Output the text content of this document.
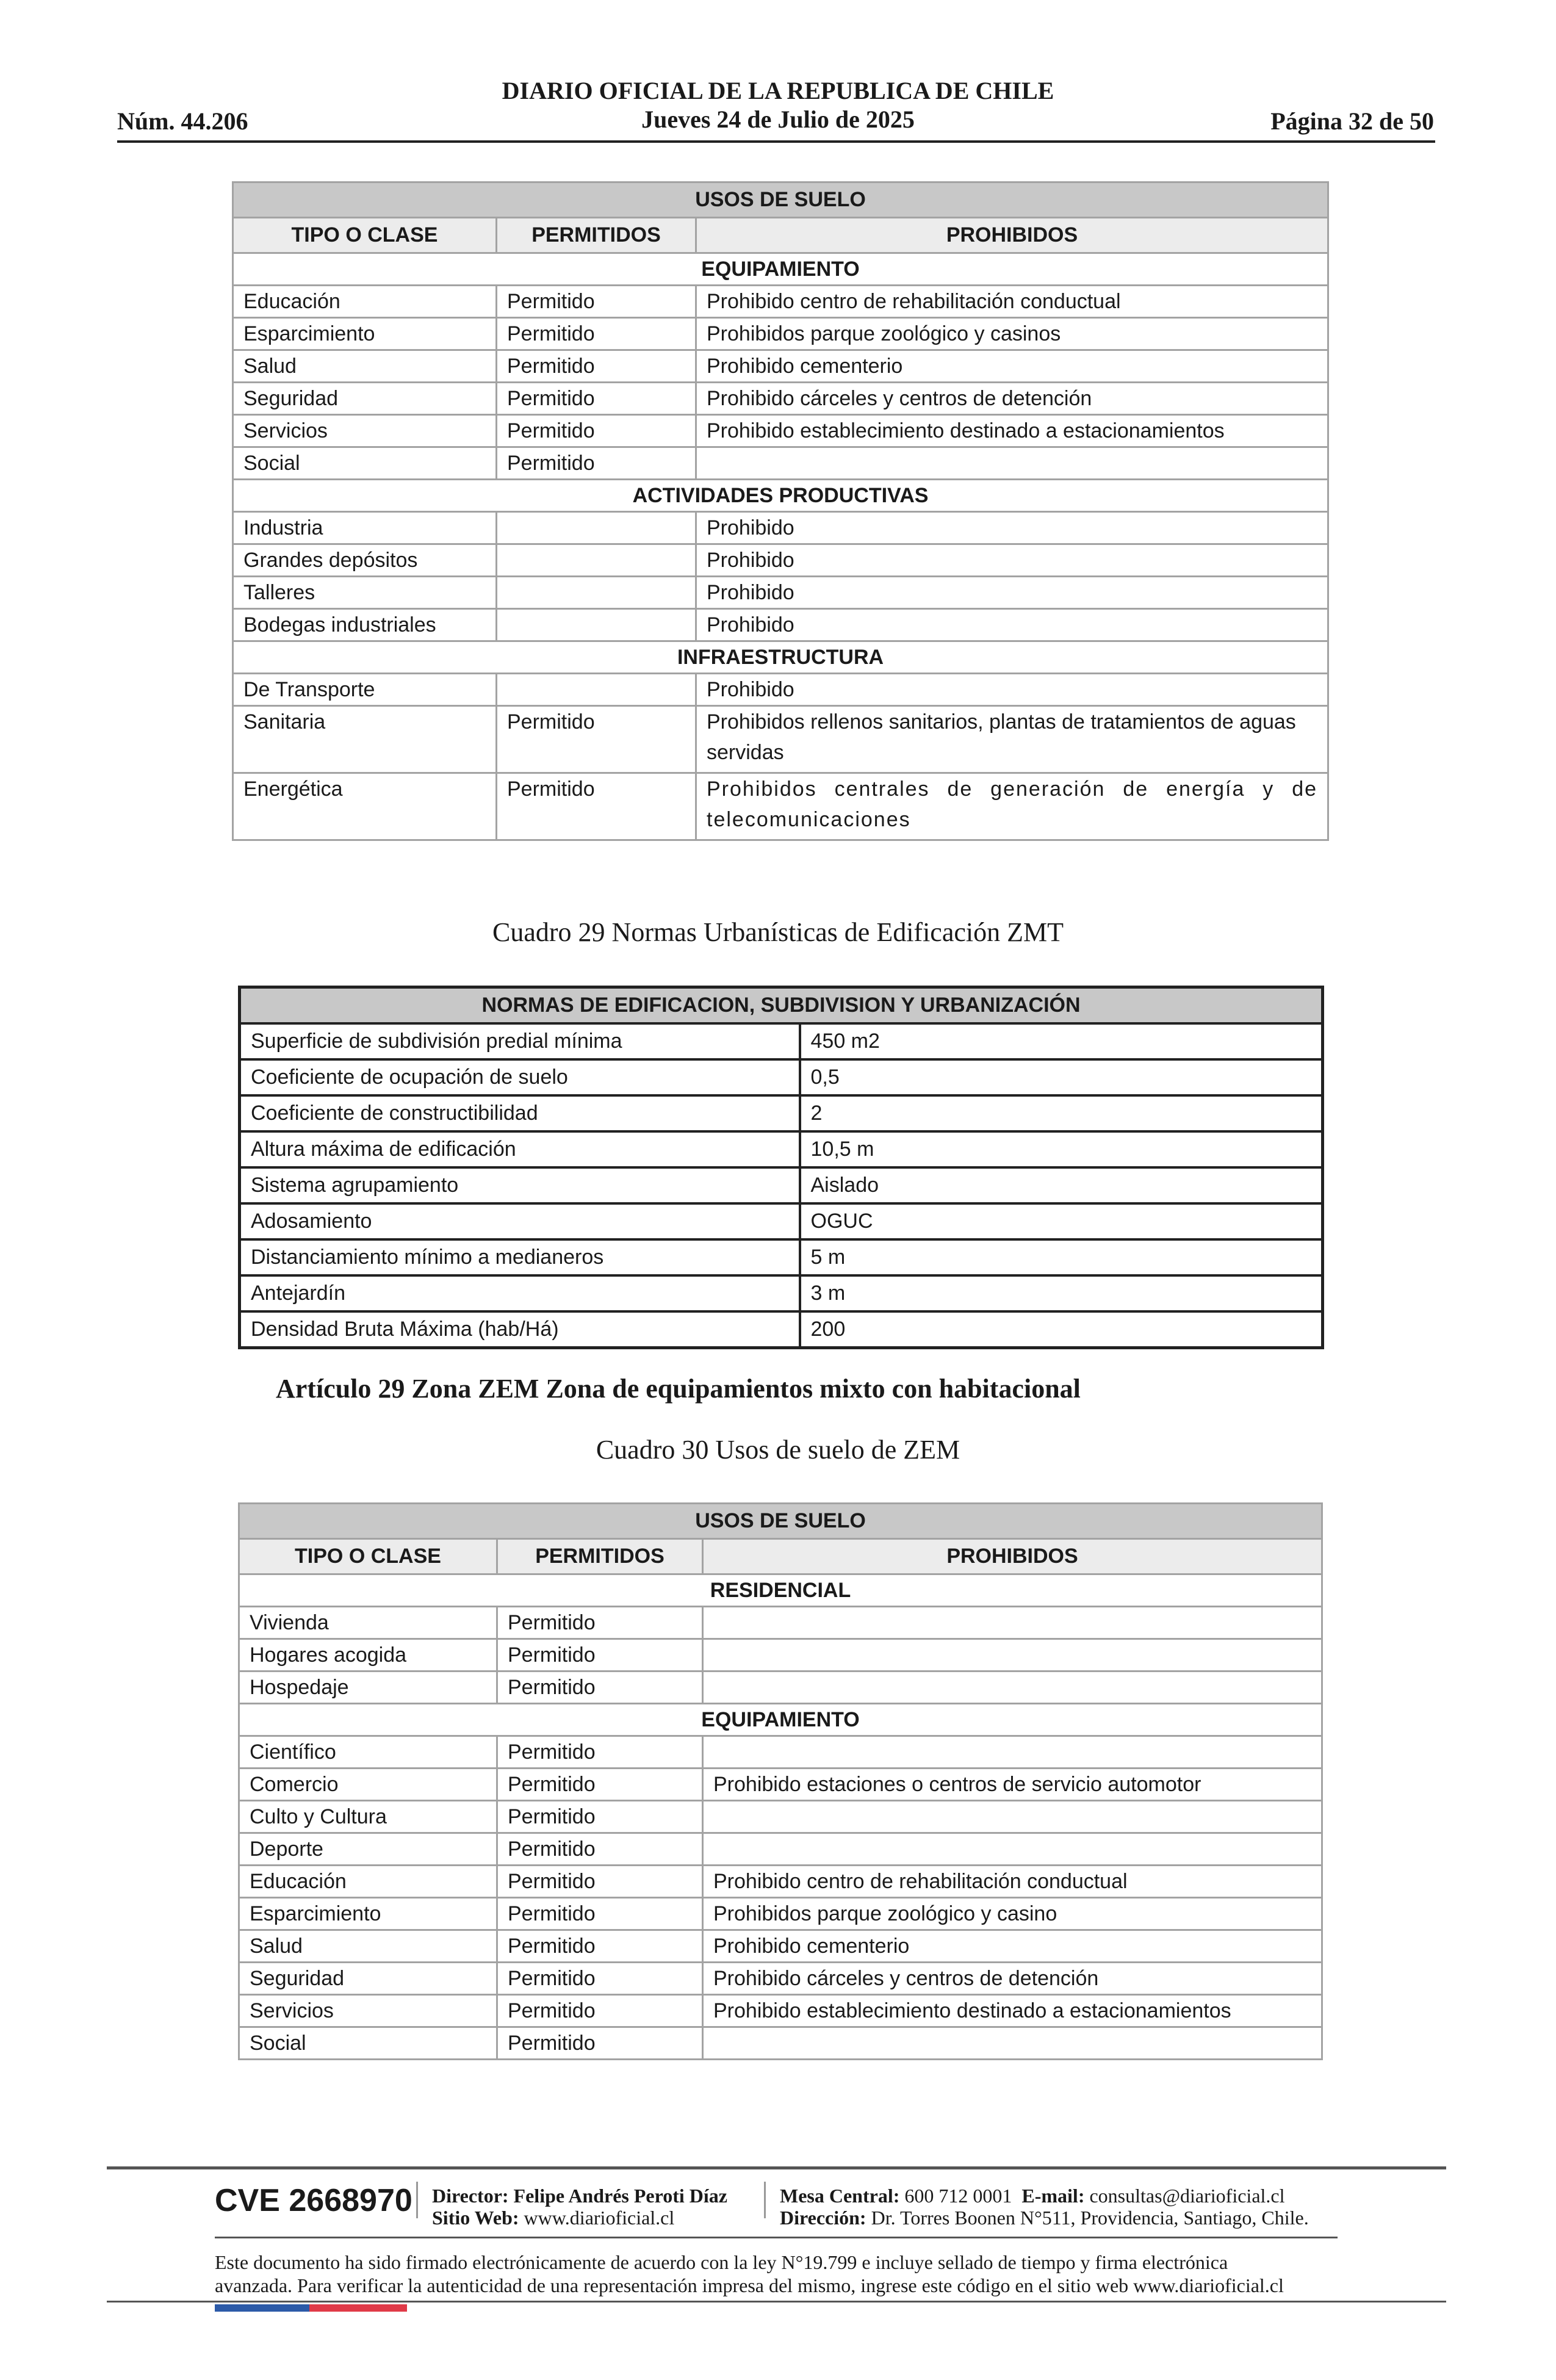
DIARIO OFICIAL DE LA REPUBLICA DE CHILE
Jueves 24 de Julio de 2025
Núm. 44.206	Página 32 de 50
USOS DE SUELO		
TIPO O CLASE	PERMITIDOS	PROHIBIDOS
EQUIPAMIENTO		
Educación	Permitido	Prohibido centro de rehabilitación conductual
Esparcimiento	Permitido	Prohibidos parque zoológico y casinos
Salud	Permitido	Prohibido cementerio
Seguridad	Permitido	Prohibido cárceles y centros de detención
Servicios	Permitido	Prohibido establecimiento destinado a estacionamientos
Social	Permitido	
ACTIVIDADES PRODUCTIVAS		
Industria		Prohibido
Grandes depósitos		Prohibido
Talleres		Prohibido
Bodegas industriales		Prohibido
INFRAESTRUCTURA		
De Transporte		Prohibido
Sanitaria	Permitido	Prohibidos rellenos sanitarios, plantas de tratamientos de aguas servidas
Energética	Permitido	Prohibidos centrales de generación de energía y de telecomunicaciones
Cuadro 29 Normas Urbanísticas de Edificación ZMT
NORMAS DE EDIFICACION, SUBDIVISION Y URBANIZACIÓN	
Superficie de subdivisión predial mínima	450 m2
Coeficiente de ocupación de suelo	0,5
Coeficiente de constructibilidad	2
Altura máxima de edificación	10,5 m
Sistema agrupamiento	Aislado
Adosamiento	OGUC
Distanciamiento mínimo a medianeros	5 m
Antejardín	3 m
Densidad Bruta Máxima (hab/Há)	200
Artículo 29 Zona ZEM Zona de equipamientos mixto con habitacional
Cuadro 30 Usos de suelo de ZEM
USOS DE SUELO		
TIPO O CLASE	PERMITIDOS	PROHIBIDOS
RESIDENCIAL		
Vivienda	Permitido	
Hogares acogida	Permitido	
Hospedaje	Permitido	
EQUIPAMIENTO		
Científico	Permitido	
Comercio	Permitido	Prohibido estaciones o centros de servicio automotor
Culto y Cultura	Permitido	
Deporte	Permitido	
Educación	Permitido	Prohibido centro de rehabilitación conductual
Esparcimiento	Permitido	Prohibidos parque zoológico y casino
Salud	Permitido	Prohibido cementerio
Seguridad	Permitido	Prohibido cárceles y centros de detención
Servicios	Permitido	Prohibido establecimiento destinado a estacionamientos
Social	Permitido	
CVE 2668970 Director: Felipe Andrés Peroti Díaz
Sitio Web: www.diarioficial.cl
Mesa Central: 600 712 0001 E-mail: consultas@diarioficial.cl
Dirección: Dr. Torres Boonen N°511, Providencia, Santiago, Chile.
Este documento ha sido firmado electrónicamente de acuerdo con la ley N°19.799 e incluye sellado de tiempo y firma electrónica
avanzada. Para verificar la autenticidad de una representación impresa del mismo, ingrese este código en el sitio web www.diarioficial.cl
